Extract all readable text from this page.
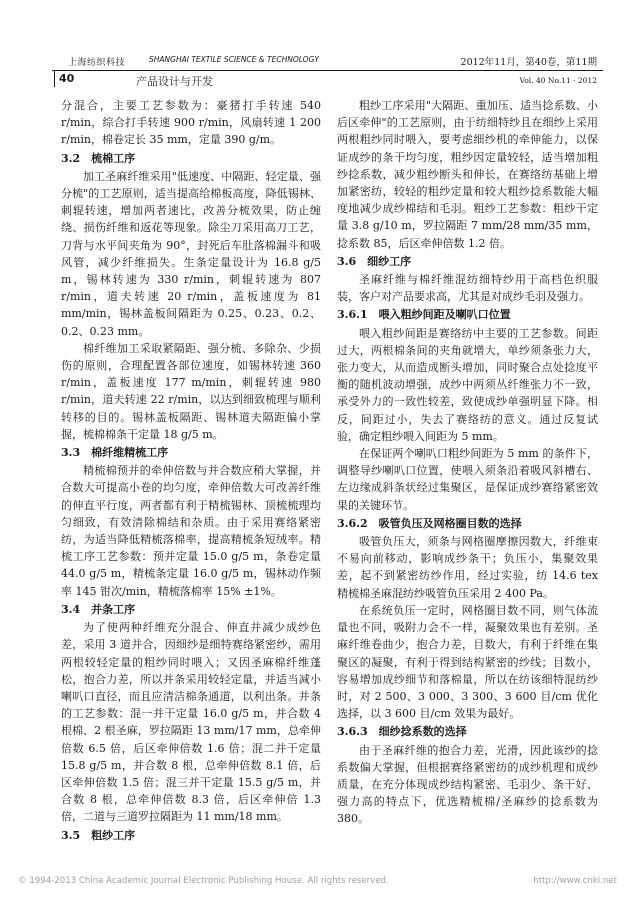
上海纺织科技	SHANGHAI TEXTILE SCIENCE & TECHNOLOGY	2012年11月，第40卷，第11期
40	产品设计与开发	Vol. 40 No.11 · 2012

分混合，主要工艺参数为：豪猪打手转速 540 r/min，综合打手转速 900 r/min，风扇转速 1 200 r/min，棉卷定长 35 mm，定量 390 g/m。

3.2　梳棉工序

加工圣麻纤维采用"低速度、中隔距、轻定量、强分梳"的工艺原则，适当提高给棉板高度，降低锡林、刺辊转速，增加两者速比，改善分梳效果，防止缠绕、损伤纤维和返花等现象。除尘刀采用高刀工艺，刀背与水平间夹角为 90°，封死后车肚落棉漏斗和吸风管，减少纤维损失。生条定量设计为 16.8 g/5 m，锡林转速为 330 r/min，刺辊转速为 807 r/min，道夫转速 20 r/min，盖板速度为 81 mm/min，锡林盖板间隔距为 0.25、0.23、0.2、0.2、0.23 mm。

棉纤维加工采取紧隔距、强分梳、多除杂、少损伤的原则，合理配置各部位速度，如锡林转速 360 r/min，盖板速度 177 m/min，刺辊转速 980 r/min，道夫转速 22 r/min，以达到细致梳理与顺利转移的目的。锡林盖板隔距、锡林道夫隔距偏小掌握，梳棉棉条干定量 18 g/5 m。

3.3　棉纤维精梳工序

精梳棉预并的牵伸倍数与并合数应稍大掌握，并合数大可提高小卷的均匀度，牵伸倍数大可改善纤维的伸直平行度，两者都有利于精梳锡林、顶梳梳理均匀细致，有效清除棉结和杂质。由于采用赛络紧密纺，为适当降低精梳落棉率，提高精梳条短绒率。精梳工序工艺参数：预并定量 15.0 g/5 m，条卷定量 44.0 g/5 m，精梳条定量 16.0 g/5 m，锡林动作频率 145 钳次/min，精梳落棉率 15% ±1%。

3.4　并条工序

为了使两种纤维充分混合、伸直并减少成纱色差，采用 3 道并合，因细纱是细特赛络紧密纱，需用两根较轻定量的粗纱同时喂入；又因圣麻棉纤维蓬松，抱合力差，所以并条采用较轻定量，并适当减小喇叭口直径，而且应清洁棉条通道，以利出条。并条的工艺参数：混一并干定量 16.0 g/5 m，并合数 4 根棉、2 根圣麻，罗拉隔距 13 mm/17 mm，总牵伸倍数 6.5 倍，后区牵伸倍数 1.6 倍；混二并干定量 15.8 g/5 m，并合数 8 根，总牵伸倍数 8.1 倍，后区牵伸倍数 1.5 倍；混三并干定量 15.5 g/5 m，并合数 8 根，总牵伸倍数 8.3 倍，后区牵伸倍 1.3 倍，二道与三道罗拉隔距为 11 mm/18 mm。

3.5　粗纱工序

粗纱工序采用"大隔距、重加压、适当捻系数、小后区牵伸"的工艺原则，由于纺细特纱且在细纱上采用两根粗纱同时喂入，要考虑细纱机的牵伸能力，以保证成纱的条干均匀度，粗纱因定量较轻，适当增加粗纱捻系数，减少粗纱断头和伸长，在赛络纺基础上增加紧密纺，较轻的粗纱定量和较大粗纱捻系数能大幅度地减少成纱棉结和毛羽。粗纱工艺参数：粗纱干定量 3.8 g/10 m，罗拉隔距 7 mm/28 mm/35 mm，捻系数 85，后区牵伸倍数 1.2 倍。

3.6　细纱工序

圣麻纤维与棉纤维混纺细特纱用于高档色织服装，客户对产品要求高，尤其是对成纱毛羽及强力。

3.6.1　喂入粗纱间距及喇叭口位置

喂入粗纱间距是赛络纺中主要的工艺参数。间距过大，两根棉条间的夹角就增大，单纱须条张力大，张力变大，从而造成断头增加，同时聚合点处捻度平衡的随机波动增强，成纱中两须丛纤维张力不一致，承受外力的一致性较差，致使成纱单强明显下降。相反，间距过小，失去了赛络纺的意义。通过反复试验，确定粗纱喂入间距为 5 mm。

在保证两个喇叭口粗纱间距为 5 mm 的条件下，调整导纱喇叭口位置，使喂入须条沿着吸风斜槽右、左边缘成斜条状经过集聚区，是保证成纱赛络紧密效果的关键环节。

3.6.2　吸管负压及网格圈目数的选择

吸管负压大，须条与网格圈摩擦因数大，纤维束不易向前移动，影响成纱条干；负压小，集聚效果差，起不到紧密纺纱作用，经过实验，纺 14.6 tex 精梳棉圣麻混纺纱吸管负压采用 2 400 Pa。

在系统负压一定时，网格圈目数不同，则气体流量也不同，吸附力会不一样，凝聚效果也有差别。圣麻纤维卷曲少，抱合力差，目数大，有利于纤维在集聚区的凝聚，有利于得到结构紧密的纱线；目数小，容易增加成纱细节和落棉量，所以在纺该细特混纺纱时，对 2 500、3 000、3 300、3 600 目/cm 优化选择，以 3 600 目/cm 效果为最好。

3.6.3　细纱捻系数的选择

由于圣麻纤维的抱合力差，光滑，因此该纱的捻系数偏大掌握，但根据赛络紧密纺的成纱机理和成纱质量，在充分体现成纱结构紧密、毛羽少、条干好、强力高的特点下，优选精梳棉/圣麻纱的捻系数为 380。

© 1994-2013 China Academic Journal Electronic Publishing House. All rights reserved.	http://www.cnki.net
